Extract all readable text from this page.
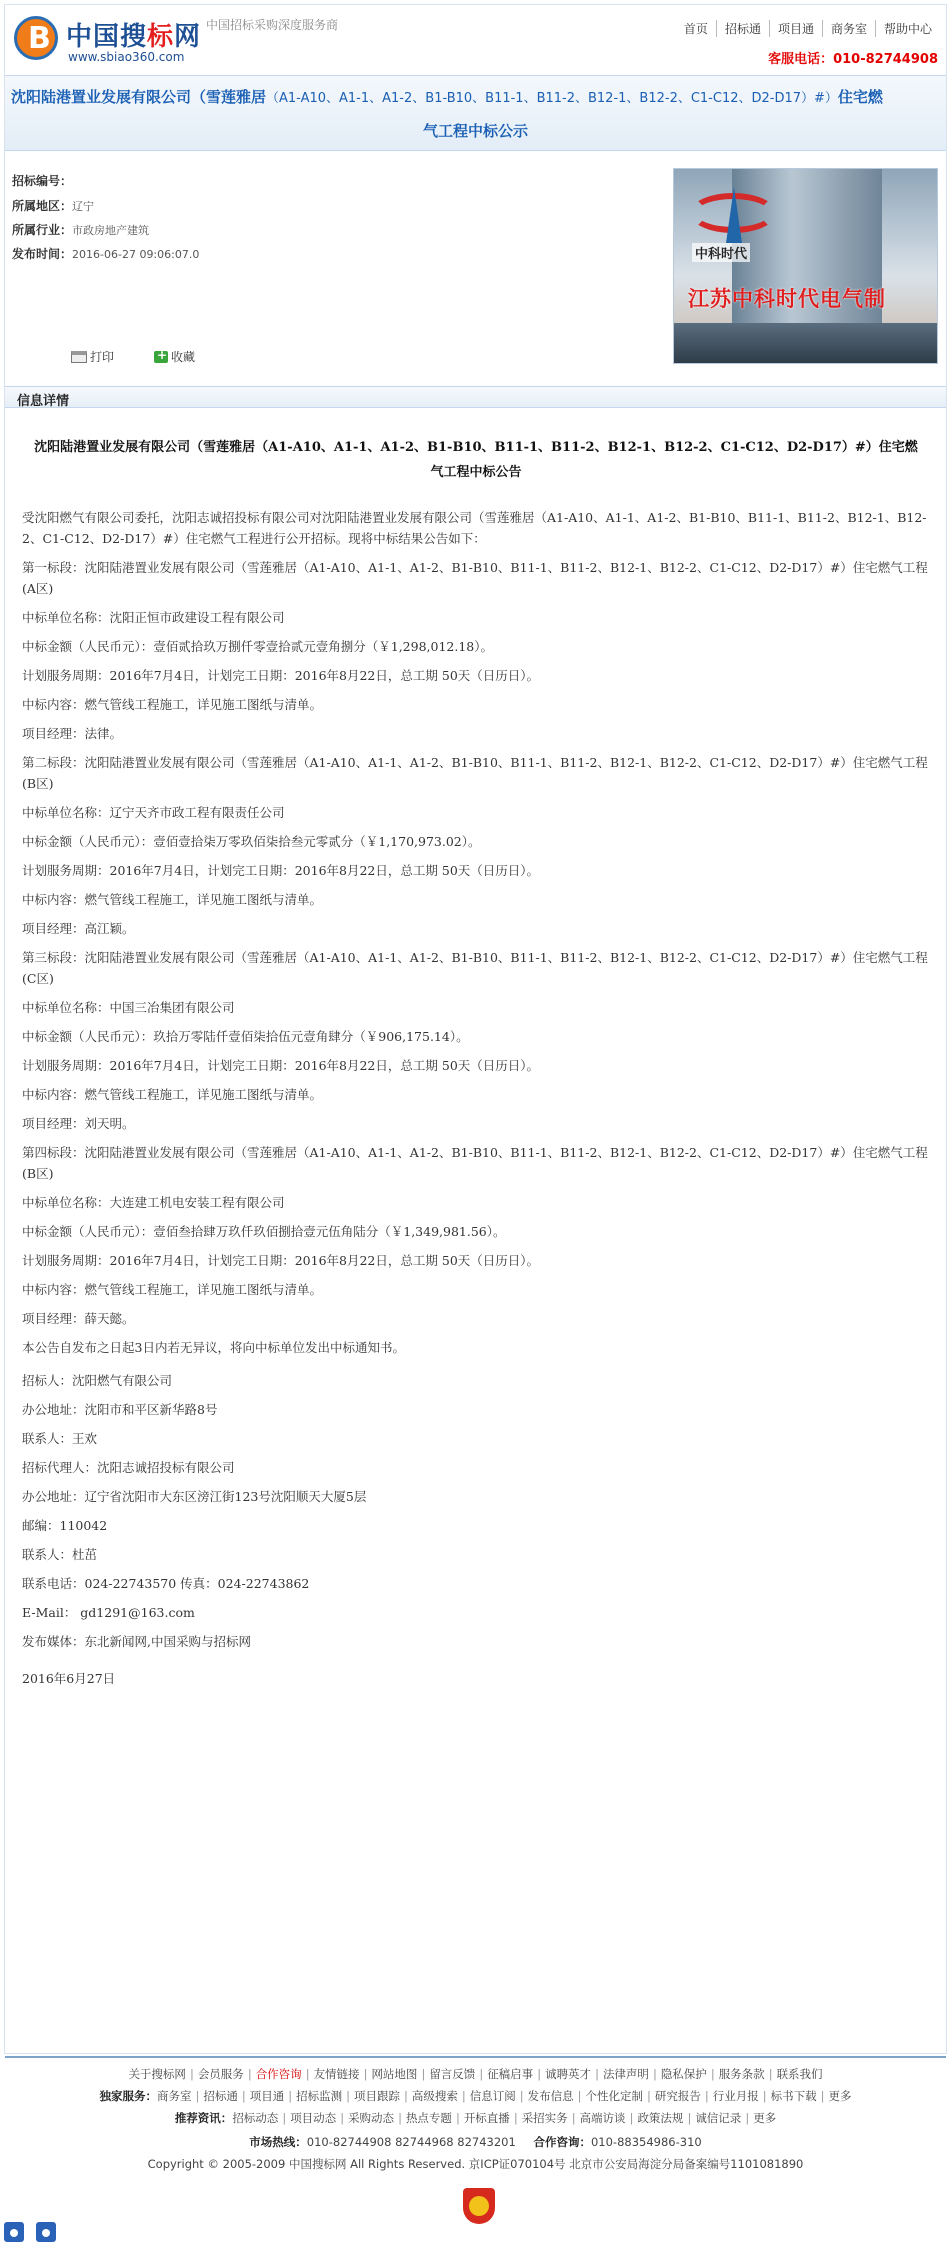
B
中国搜标网
www.sbiao360.com
中国招标采购深度服务商	首页	招标通	项目通	商务室	帮助中心
客服电话：010-82744908
沈阳陆港置业发展有限公司（雪莲雅居（A1-A10、A1-1、A1-2、B1-B10、B11-1、B11-2、B12-1、B12-2、C1-C12、D2-D17）#）住宅燃
气工程中标公示
招标编号：
所属地区：辽宁
所属行业：市政房地产建筑
发布时间：2016-06-27 09:06:07.0
打印
+	收藏
中科时代
江苏中科时代电气制
信息详情
沈阳陆港置业发展有限公司（雪莲雅居（A1-A10、A1-1、A1-2、B1-B10、B11-1、B11-2、B12-1、B12-2、C1-C12、D2-D17）#）住宅燃
气工程中标公告
受沈阳燃气有限公司委托，沈阳志诚招投标有限公司对沈阳陆港置业发展有限公司（雪莲雅居（A1-A10、A1-1、A1-2、B1-B10、B11-1、B11-2、B12-1、B12-2、C1-C12、D2-D17）#）住宅燃气工程进行公开招标。现将中标结果公告如下：
第一标段：沈阳陆港置业发展有限公司（雪莲雅居（A1-A10、A1-1、A1-2、B1-B10、B11-1、B11-2、B12-1、B12-2、C1-C12、D2-D17）#）住宅燃气工程(A区)
中标单位名称：沈阳正恒市政建设工程有限公司
中标金额（人民币元）：壹佰贰拾玖万捌仟零壹拾贰元壹角捌分（￥1,298,012.18）。
计划服务周期：2016年7月4日，计划完工日期：2016年8月22日，总工期 50天（日历日）。
中标内容：燃气管线工程施工，详见施工图纸与清单。
项目经理：法律。
第二标段：沈阳陆港置业发展有限公司（雪莲雅居（A1-A10、A1-1、A1-2、B1-B10、B11-1、B11-2、B12-1、B12-2、C1-C12、D2-D17）#）住宅燃气工程(B区)
中标单位名称：辽宁天齐市政工程有限责任公司
中标金额（人民币元）：壹佰壹拾柒万零玖佰柒拾叁元零贰分（￥1,170,973.02）。
计划服务周期：2016年7月4日，计划完工日期：2016年8月22日，总工期 50天（日历日）。
中标内容：燃气管线工程施工，详见施工图纸与清单。
项目经理：高江颖。
第三标段：沈阳陆港置业发展有限公司（雪莲雅居（A1-A10、A1-1、A1-2、B1-B10、B11-1、B11-2、B12-1、B12-2、C1-C12、D2-D17）#）住宅燃气工程(C区)
中标单位名称：中国三冶集团有限公司
中标金额（人民币元）：玖拾万零陆仟壹佰柒拾伍元壹角肆分（￥906,175.14）。
计划服务周期：2016年7月4日，计划完工日期：2016年8月22日，总工期 50天（日历日）。
中标内容：燃气管线工程施工，详见施工图纸与清单。
项目经理：刘天明。
第四标段：沈阳陆港置业发展有限公司（雪莲雅居（A1-A10、A1-1、A1-2、B1-B10、B11-1、B11-2、B12-1、B12-2、C1-C12、D2-D17）#）住宅燃气工程(B区)
中标单位名称：大连建工机电安装工程有限公司
中标金额（人民币元）：壹佰叁拾肆万玖仟玖佰捌拾壹元伍角陆分（￥1,349,981.56）。
计划服务周期：2016年7月4日，计划完工日期：2016年8月22日，总工期 50天（日历日）。
中标内容：燃气管线工程施工，详见施工图纸与清单。
项目经理：薛天懿。
本公告自发布之日起3日内若无异议，将向中标单位发出中标通知书。
招标人：沈阳燃气有限公司
办公地址：沈阳市和平区新华路8号
联系人：王欢
招标代理人：沈阳志诚招投标有限公司
办公地址：辽宁省沈阳市大东区滂江街123号沈阳顺天大厦5层
邮编：110042
联系人：杜茁
联系电话：024-22743570 传真：024-22743862
E-Mail： gd1291@163.com
发布媒体：东北新闻网,中国采购与招标网
2016年6月27日
关于搜标网 | 会员服务 | 合作咨询 | 友情链接 | 网站地图 | 留言反馈 | 征稿启事 | 诚聘英才 | 法律声明 | 隐私保护 | 服务条款 | 联系我们
独家服务：商务室 | 招标通 | 项目通 | 招标监测 | 项目跟踪 | 高级搜索 | 信息订阅 | 发布信息 | 个性化定制 | 研究报告 | 行业月报 | 标书下载 | 更多
推荐资讯：招标动态 | 项目动态 | 采购动态 | 热点专题 | 开标直播 | 采招实务 | 高端访谈 | 政策法规 | 诚信记录 | 更多
市场热线：010-82744908 82744968 82743201 合作咨询：010-88354986-310
Copyright © 2005-2009 中国搜标网 All Rights Reserved. 京ICP证070104号 北京市公安局海淀分局备案编号1101081890
